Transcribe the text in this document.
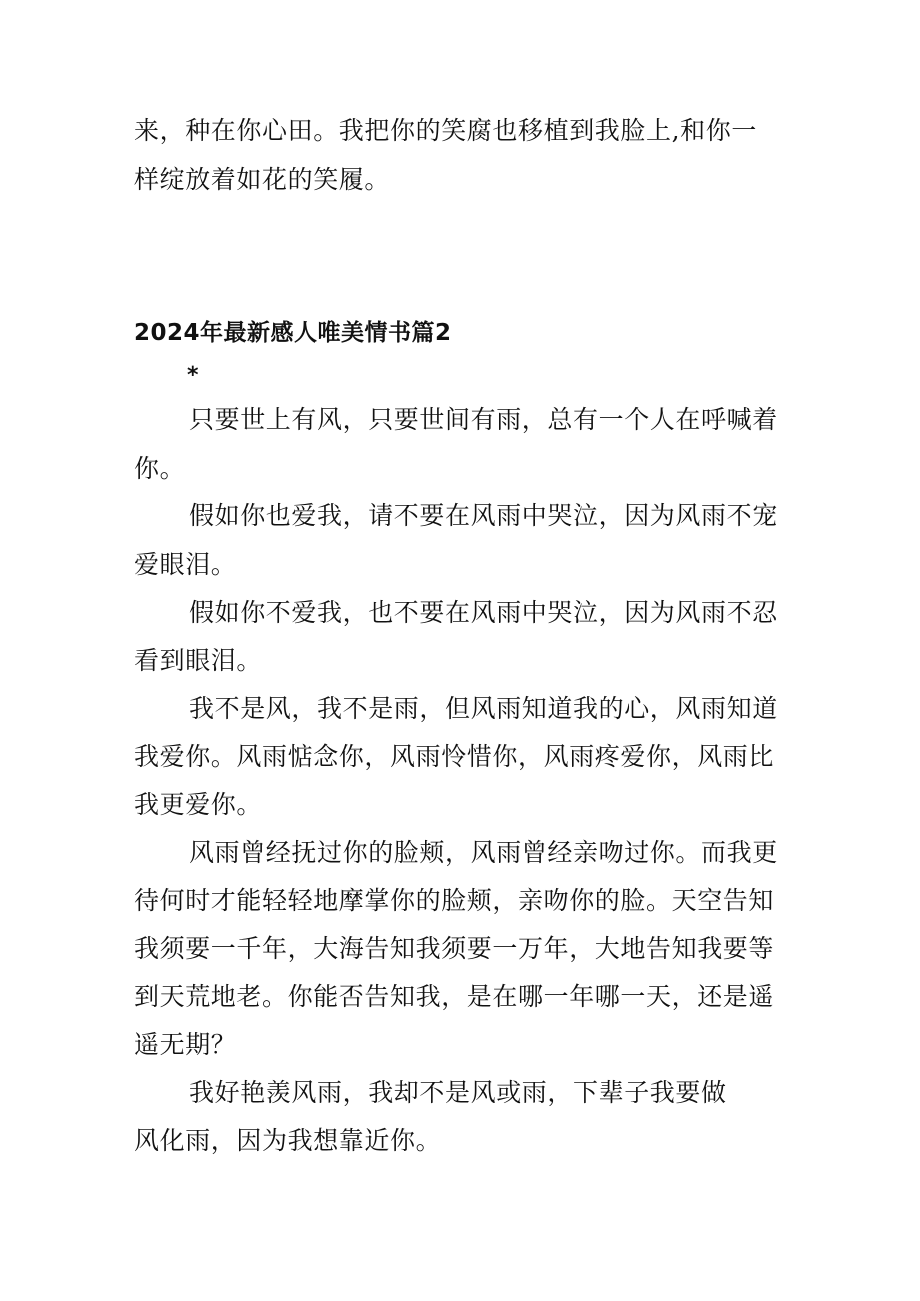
来，种在你心田。我把你的笑腐也移植到我脸上,和你一
样绽放着如花的笑履。
2024年最新感人唯美情书篇2
*
只要世上有风，只要世间有雨，总有一个人在呼喊着
你。
假如你也爱我，请不要在风雨中哭泣，因为风雨不宠
爱眼泪。
假如你不爱我，也不要在风雨中哭泣，因为风雨不忍
看到眼泪。
我不是风，我不是雨，但风雨知道我的心，风雨知道
我爱你。风雨惦念你，风雨怜惜你，风雨疼爱你，风雨比
我更爱你。
风雨曾经抚过你的脸颊，风雨曾经亲吻过你。而我更
待何时才能轻轻地摩掌你的脸颊，亲吻你的脸。天空告知
我须要一千年，大海告知我须要一万年，大地告知我要等
到天荒地老。你能否告知我，是在哪一年哪一天，还是遥
遥无期？
我好艳羡风雨，我却不是风或雨，下辈子我要做
风化雨，因为我想靠近你。
